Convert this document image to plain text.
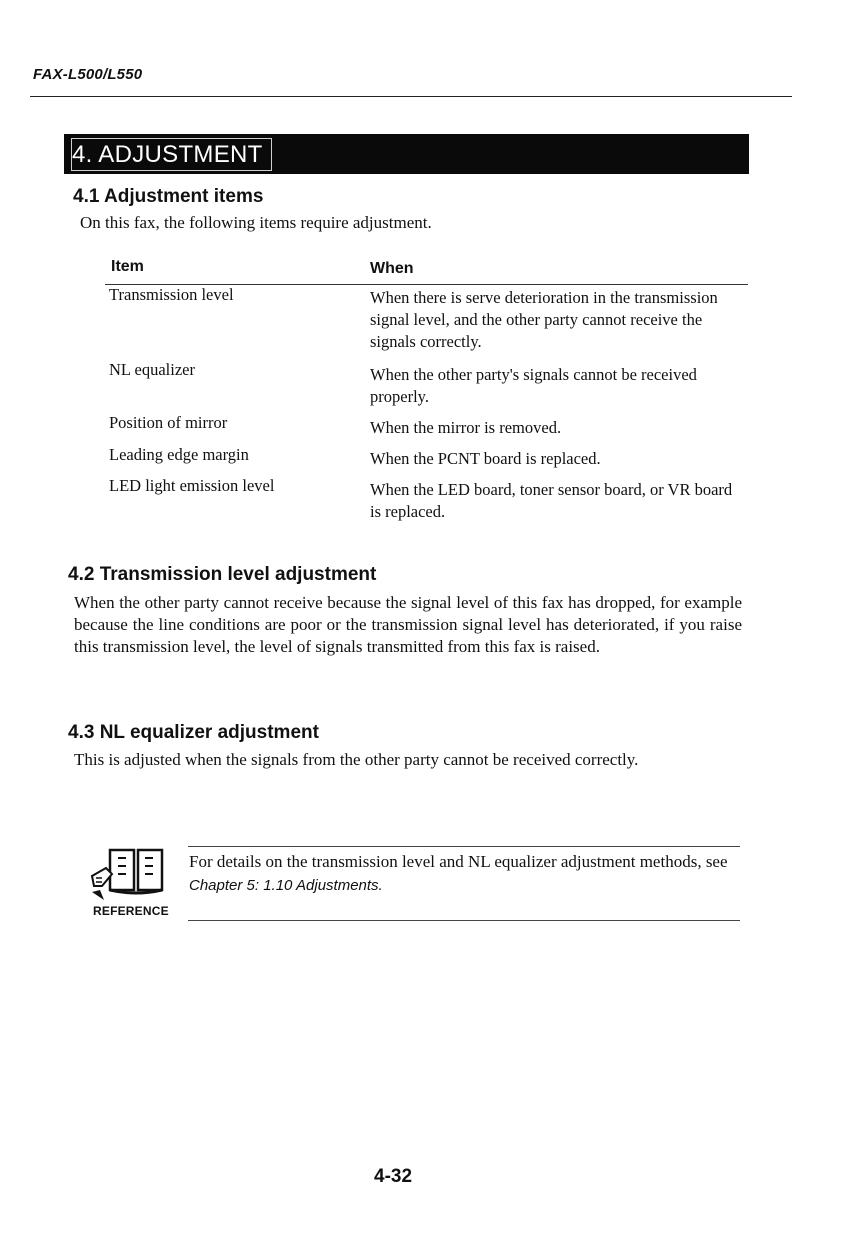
FAX-L500/L550
4. ADJUSTMENT
4.1 Adjustment items
On this fax, the following items require adjustment.
Item	When
Transmission level	When there is serve deterioration in the transmission signal level, and the other party cannot receive the signals correctly.
NL equalizer	When the other party's signals cannot be received properly.
Position of mirror	When the mirror is removed.
Leading edge margin	When the PCNT board is replaced.
LED light emission level	When the LED board, toner sensor board, or VR board is replaced.
4.2 Transmission level adjustment
When the other party cannot receive because the signal level of this fax has dropped, for example because the line conditions are poor or the transmission signal level has deteriorated, if you raise this transmission level, the level of signals transmitted from this fax is raised.
4.3 NL equalizer adjustment
This is adjusted when the signals from the other party cannot be received correctly.
REFERENCE
For details on the transmission level and NL equalizer adjustment methods, see Chapter 5: 1.10 Adjustments.
4-32
